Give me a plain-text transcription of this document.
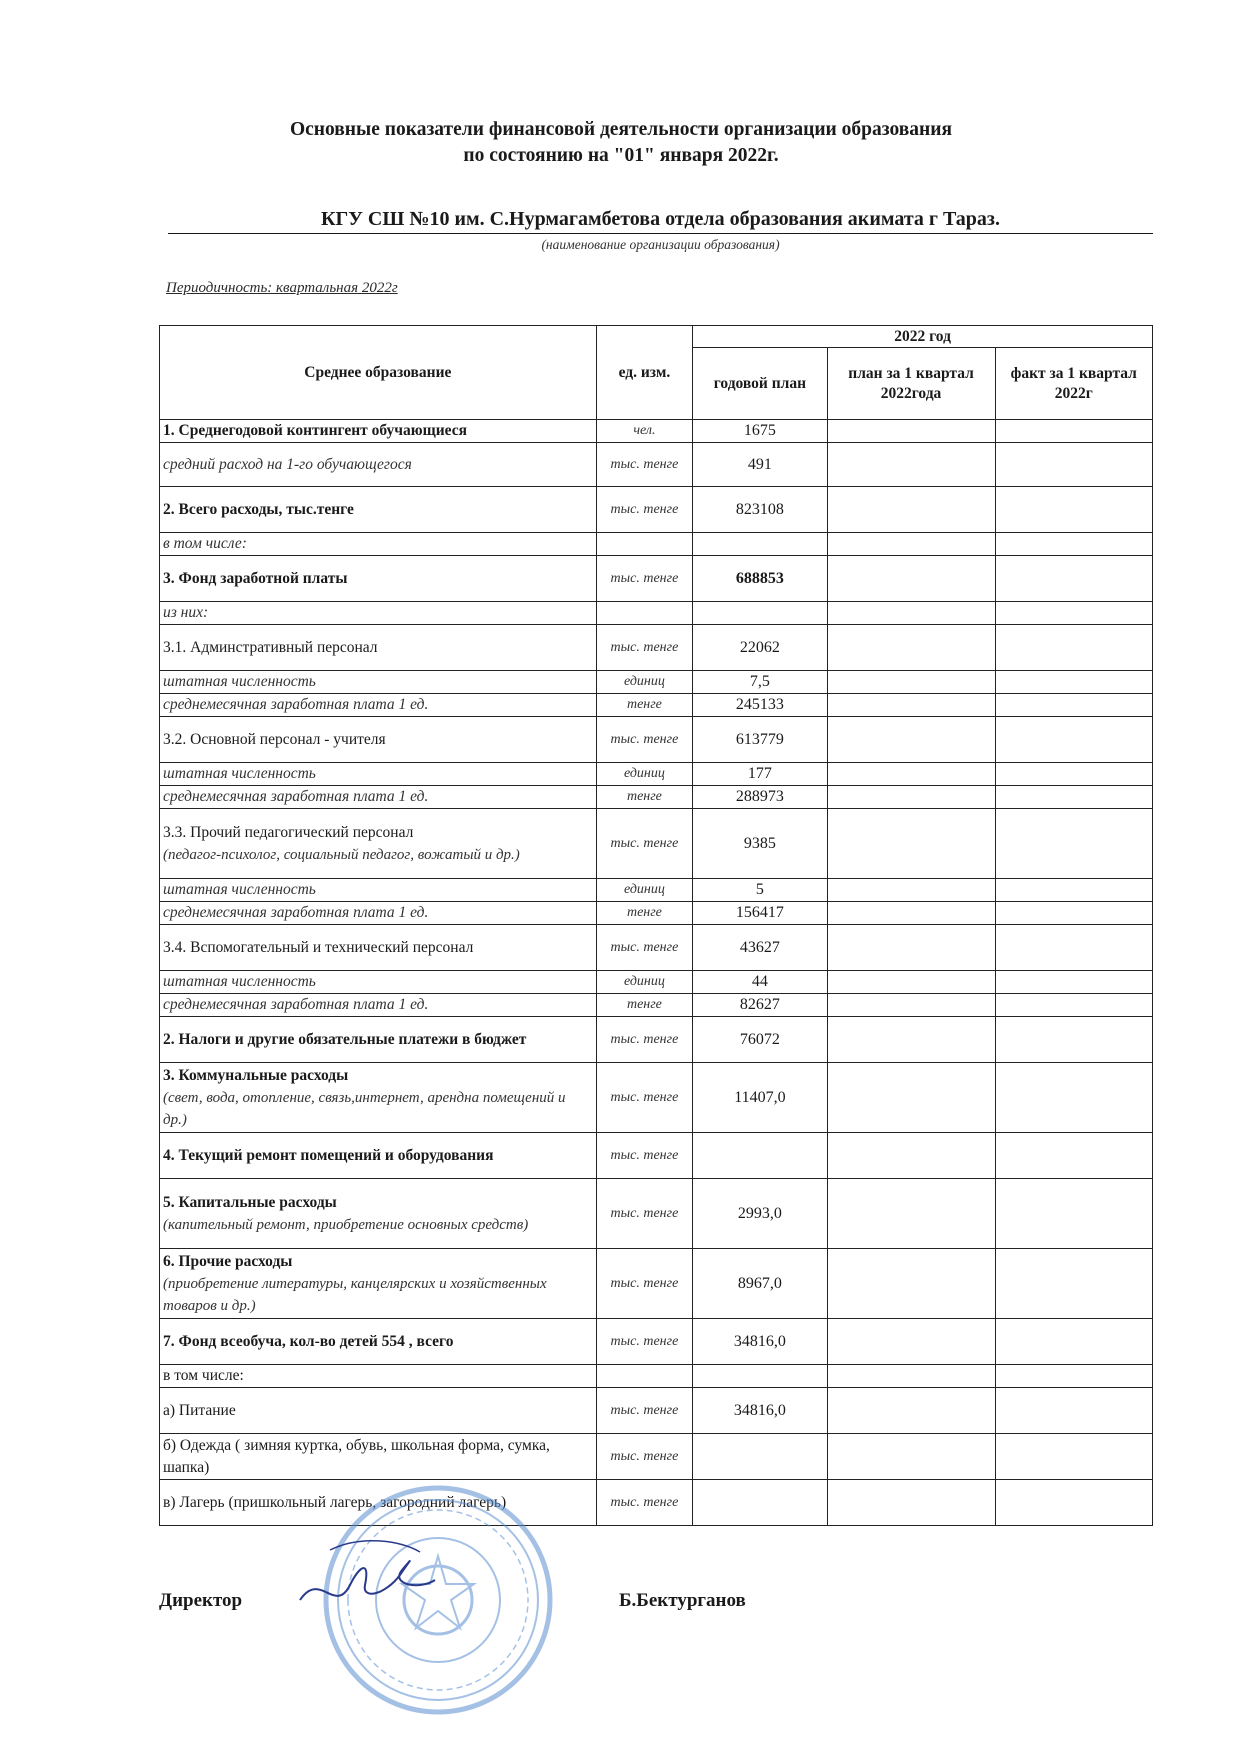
Основные показатели финансовой деятельности организации образования
по состоянию на "01" января 2022г.
КГУ СШ №10 им. С.Нурмагамбетова отдела образования акимата г Тараз.
(наименование организации образования)
Периодичность: квартальная 2022г
Среднее образование	ед. изм.	2022 год		
		годовой план	план за 1 квартал 2022года	факт за 1 квартал 2022г
1. Среднегодовой контингент обучающиеся	чел.	1675		
средний расход на 1-го обучающегося	тыс. тенге	491		
2. Всего расходы, тыс.тенге	тыс. тенге	823108		
в том числе:				
3. Фонд заработной платы	тыс. тенге	688853		
из них:				
3.1. Админстративный персонал	тыс. тенге	22062		
штатная численность	единиц	7,5		
среднемесячная заработная плата 1 ед.	тенге	245133		
3.2. Основной персонал - учителя	тыс. тенге	613779		
штатная численность	единиц	177		
среднемесячная заработная плата 1 ед.	тенге	288973		
3.3. Прочий педагогический персонал
(педагог-психолог, социальный педагог, вожатый и др.)	тыс. тенге	9385		
штатная численность	единиц	5		
среднемесячная заработная плата 1 ед.	тенге	156417		
3.4. Вспомогательный и технический персонал	тыс. тенге	43627		
штатная численность	единиц	44		
среднемесячная заработная плата 1 ед.	тенге	82627		
2. Налоги и другие обязательные платежи в бюджет	тыс. тенге	76072		
3. Коммунальные расходы
(свет, вода, отопление, связь,интернет, арендна помещений и др.)	тыс. тенге	11407,0		
4. Текущий ремонт помещений и оборудования	тыс. тенге			
5. Капитальные расходы
(капительный ремонт, приобретение основных средств)	тыс. тенге	2993,0		
6. Прочие расходы
(приобретение литературы, канцелярских и хозяйственных товаров и др.)	тыс. тенге	8967,0		
7. Фонд всеобуча, кол-во детей 554 , всего	тыс. тенге	34816,0		
в том числе:				
а) Питание	тыс. тенге	34816,0		
б) Одежда ( зимняя куртка, обувь, школьная форма, сумка, шапка)	тыс. тенге			
в) Лагерь (пришкольный лагерь, загородний лагерь)	тыс. тенге			
Директор	Б.Бектурганов
